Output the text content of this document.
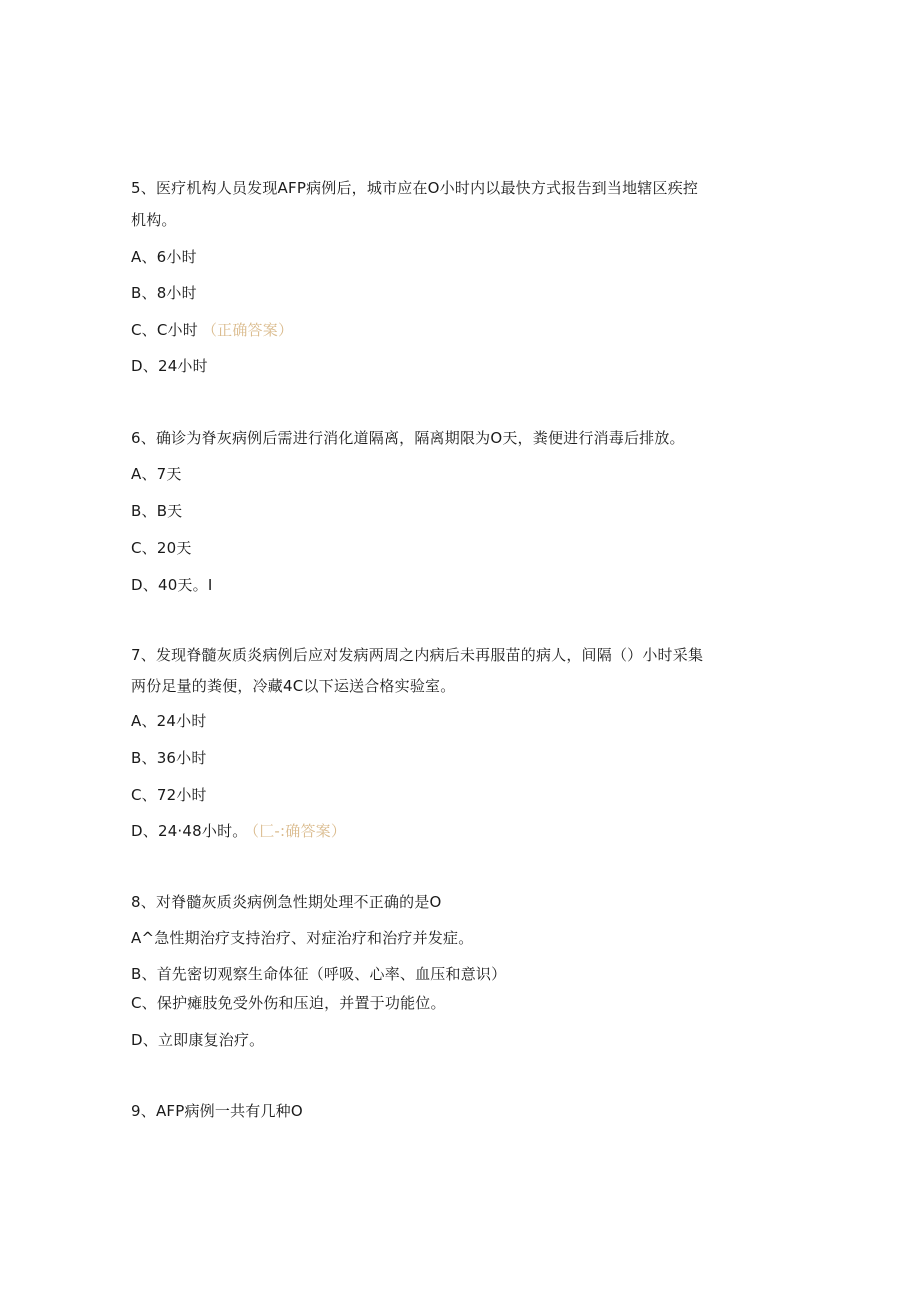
5、医疗机构人员发现AFP病例后，城市应在O小时内以最快方式报告到当地辖区疾控
机构。
A、6小时
B、8小时
C、C小时 （正确答案）
D、24小时
6、确诊为脊灰病例后需进行消化道隔离，隔离期限为O天，粪便进行消毒后排放。
A、7天
B、B天
C、20天
D、40天。I
7、发现脊髓灰质炎病例后应对发病两周之内病后未再服苗的病人，间隔（）小时采集
两份足量的粪便，冷藏4C以下运送合格实验室。
A、24小时
B、36小时
C、72小时
D、24·48小时。 （匚-:确答案）
8、对脊髓灰质炎病例急性期处理不正确的是O
A^急性期治疗支持治疗、对症治疗和治疗并发症。
B、首先密切观察生命体征（呼吸、心率、血压和意识）
C、保护瘫肢免受外伤和压迫，并置于功能位。
D、立即康复治疗。
9、AFP病例一共有几种O
